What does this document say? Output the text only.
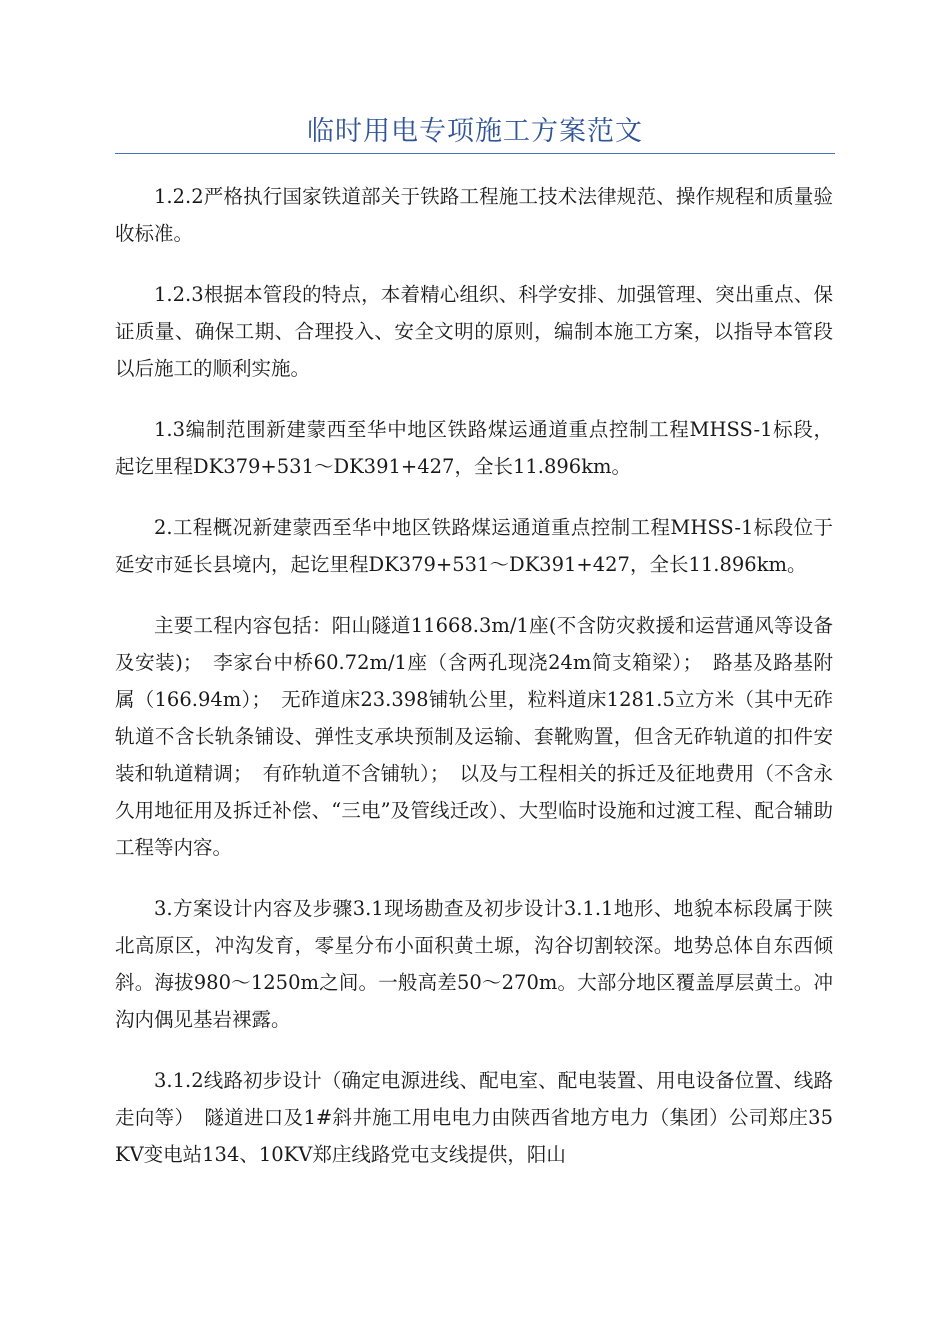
临时用电专项施工方案范文

1.2.2严格执行国家铁道部关于铁路工程施工技术法律规范、操作规程和质量验收标准。

1.2.3根据本管段的特点，本着精心组织、科学安排、加强管理、突出重点、保证质量、确保工期、合理投入、安全文明的原则，编制本施工方案，以指导本管段以后施工的顺利实施。

1.3编制范围新建蒙西至华中地区铁路煤运通道重点控制工程MHSS-1标段，起讫里程DK379+531～DK391+427，全长11.896km。

2.工程概况新建蒙西至华中地区铁路煤运通道重点控制工程MHSS-1标段位于延安市延长县境内，起讫里程DK379+531～DK391+427，全长11.896km。

主要工程内容包括：阳山隧道11668.3m/1座(不含防灾救援和运营通风等设备及安装)；　李家台中桥60.72m/1座（含两孔现浇24m简支箱梁）；　路基及路基附属（166.94m）；　无砟道床23.398铺轨公里，粒料道床1281.5立方米（其中无砟轨道不含长轨条铺设、弹性支承块预制及运输、套靴购置，但含无砟轨道的扣件安装和轨道精调；　有砟轨道不含铺轨）；　以及与工程相关的拆迁及征地费用（不含永久用地征用及拆迁补偿、“三电”及管线迁改）、大型临时设施和过渡工程、配合辅助工程等内容。

3.方案设计内容及步骤3.1现场勘查及初步设计3.1.1地形、地貌本标段属于陕北高原区，冲沟发育，零星分布小面积黄土塬，沟谷切割较深。地势总体自东西倾斜。海拔980～1250m之间。一般高差50～270m。大部分地区覆盖厚层黄土。冲沟内偶见基岩裸露。

3.1.2线路初步设计（确定电源进线、配电室、配电装置、用电设备位置、线路走向等）　隧道进口及1#斜井施工用电电力由陕西省地方电力（集团）公司郑庄35KV变电站134、10KV郑庄线路党屯支线提供，阳山
